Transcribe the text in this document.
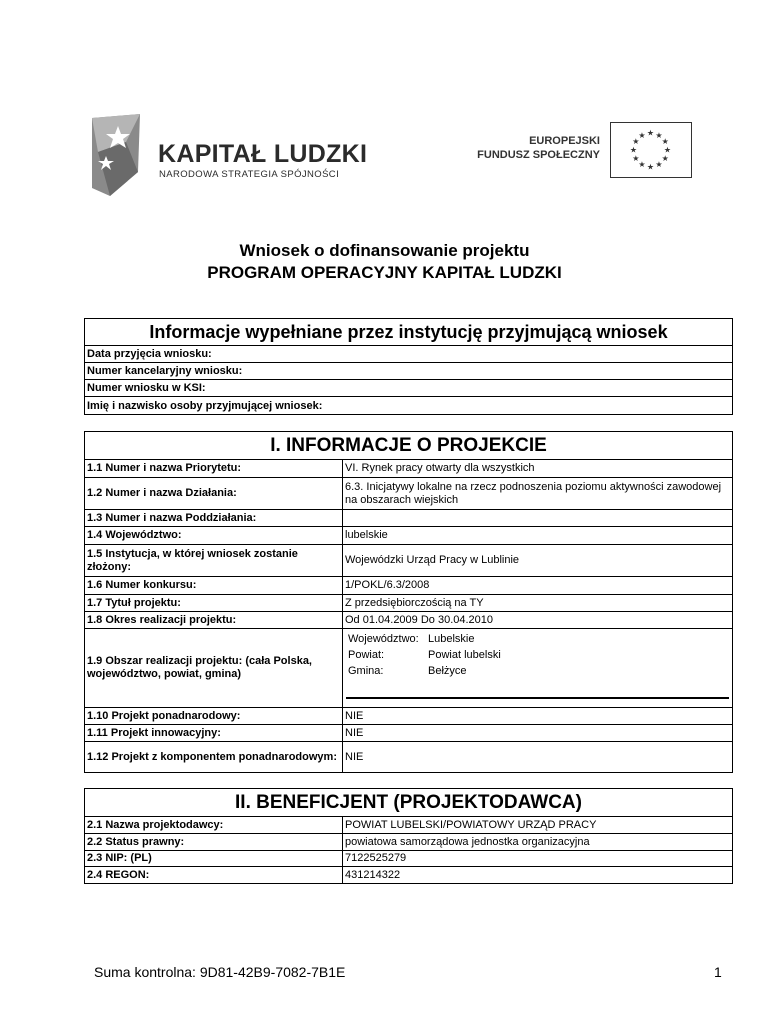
KAPITAŁ LUDZKI
NARODOWA STRATEGIA SPÓJNOŚCI
EUROPEJSKI
FUNDUSZ SPOŁECZNY
★ ★
★
★
★
★
★
★
★
★
★
★
Wniosek o dofinansowanie projektu
PROGRAM OPERACYJNY KAPITAŁ LUDZKI
Informacje wypełniane przez instytucję przyjmującą wniosek
Data przyjęcia wniosku:
Numer kancelaryjny wniosku:
Numer wniosku w KSI:
Imię i nazwisko osoby przyjmującej wniosek:
I. INFORMACJE O PROJEKCIE
1.1 Numer i nazwa Priorytetu:	VI. Rynek pracy otwarty dla wszystkich
1.2 Numer i nazwa Działania:
6.3. Inicjatywy lokalne na rzecz podnoszenia poziomu aktywności zawodowej na obszarach wiejskich
1.3 Numer i nazwa Poddziałania:
1.4 Województwo:	lubelskie
1.5 Instytucja, w której wniosek zostanie złożony:
Wojewódzki Urząd Pracy w Lublinie
1.6 Numer konkursu:	1/POKL/6.3/2008
1.7 Tytuł projektu:	Z przedsiębiorczością na TY
1.8 Okres realizacji projektu:	Od 01.04.2009 Do 30.04.2010
1.9 Obszar realizacji projektu: (cała Polska, województwo, powiat, gmina)
Województwo: Lubelskie
Powiat:	Powiat lubelski
Gmina:	Bełżyce
1.10 Projekt ponadnarodowy:	NIE
1.11 Projekt innowacyjny:	NIE
1.12 Projekt z komponentem ponadnarodowym: NIE
II. BENEFICJENT (PROJEKTODAWCA)
2.1 Nazwa projektodawcy:	POWIAT LUBELSKI/POWIATOWY URZĄD PRACY
2.2 Status prawny:	powiatowa samorządowa jednostka organizacyjna
2.3 NIP: (PL)	7122525279
2.4 REGON:	431214322
Suma kontrolna: 9D81-42B9-7082-7B1E	1
